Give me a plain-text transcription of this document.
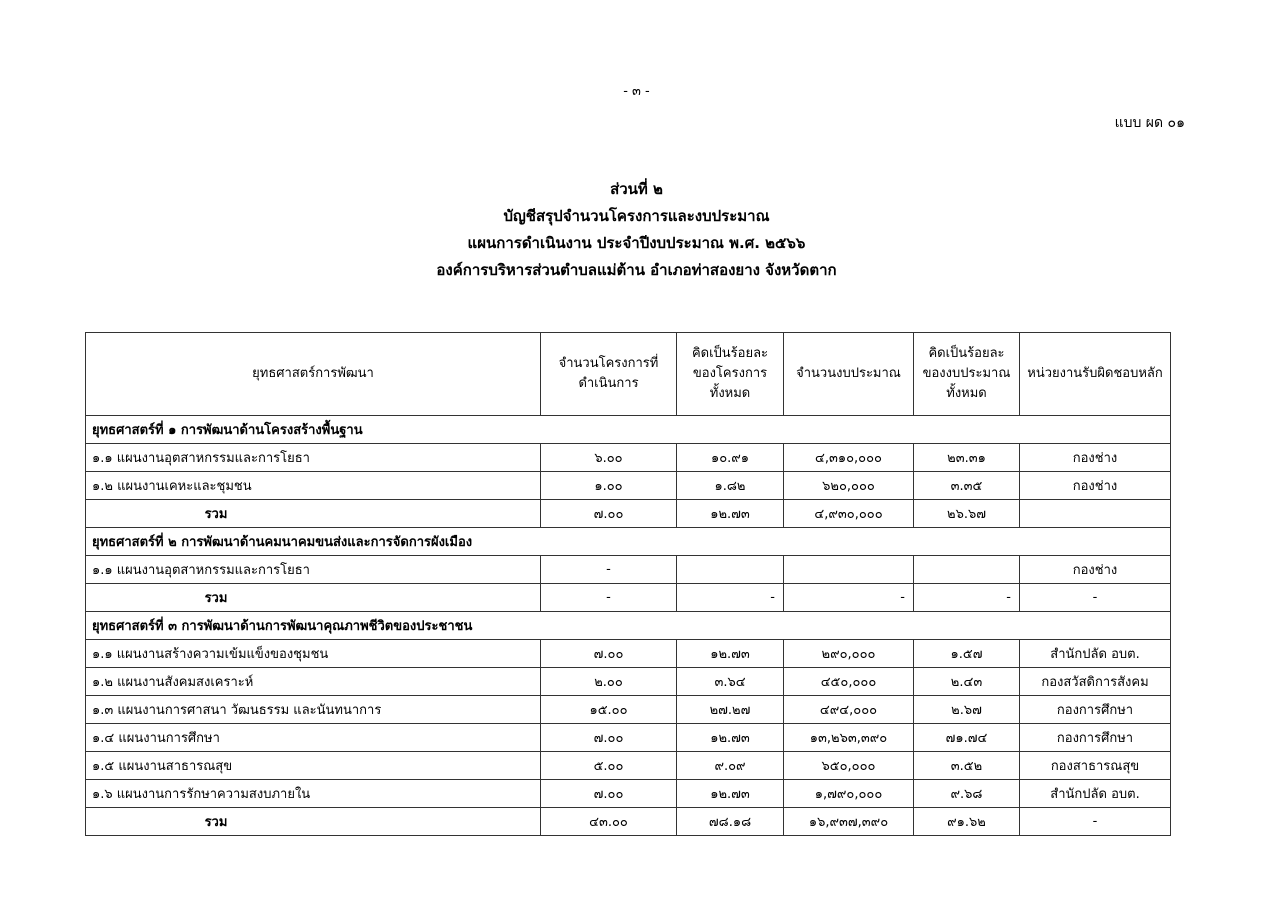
- ๓ -
แบบ ผด ๐๑
ส่วนที่ ๒
บัญชีสรุปจำนวนโครงการและงบประมาณ
แผนการดำเนินงาน ประจำปีงบประมาณ พ.ศ. ๒๕๖๖
องค์การบริหารส่วนตำบลแม่ต้าน อำเภอท่าสองยาง จังหวัดตาก
ยุทธศาสตร์การพัฒนา	จำนวนโครงการที่ดำเนินการ	คิดเป็นร้อยละของโครงการทั้งหมด	จำนวนงบประมาณ	คิดเป็นร้อยละของงบประมาณทั้งหมด	หน่วยงานรับผิดชอบหลัก
ยุทธศาสตร์ที่ ๑ การพัฒนาด้านโครงสร้างพื้นฐาน					
๑.๑ แผนงานอุตสาหกรรมและการโยธา	๖.๐๐	๑๐.๙๑	๔,๓๑๐,๐๐๐	๒๓.๓๑	กองช่าง
๑.๒ แผนงานเคหะและชุมชน	๑.๐๐	๑.๘๒	๖๒๐,๐๐๐	๓.๓๕	กองช่าง
รวม	๗.๐๐	๑๒.๗๓	๔,๙๓๐,๐๐๐	๒๖.๖๗	
ยุทธศาสตร์ที่ ๒ การพัฒนาด้านคมนาคมขนส่งและการจัดการผังเมือง					
๑.๑ แผนงานอุตสาหกรรมและการโยธา	-				กองช่าง
รวม	-	-	-	-	-
ยุทธศาสตร์ที่ ๓ การพัฒนาด้านการพัฒนาคุณภาพชีวิตของประชาชน					
๑.๑ แผนงานสร้างความเข้มแข็งของชุมชน	๗.๐๐	๑๒.๗๓	๒๙๐,๐๐๐	๑.๕๗	สำนักปลัด อบต.
๑.๒ แผนงานสังคมสงเคราะห์	๒.๐๐	๓.๖๔	๔๕๐,๐๐๐	๒.๔๓	กองสวัสดิการสังคม
๑.๓ แผนงานการศาสนา วัฒนธรรม และนันทนาการ	๑๕.๐๐	๒๗.๒๗	๔๙๔,๐๐๐	๒.๖๗	กองการศึกษา
๑.๔ แผนงานการศึกษา	๗.๐๐	๑๒.๗๓	๑๓,๒๖๓,๓๙๐	๗๑.๗๔	กองการศึกษา
๑.๕ แผนงานสาธารณสุข	๕.๐๐	๙.๐๙	๖๕๐,๐๐๐	๓.๕๒	กองสาธารณสุข
๑.๖ แผนงานการรักษาความสงบภายใน	๗.๐๐	๑๒.๗๓	๑,๗๙๐,๐๐๐	๙.๖๘	สำนักปลัด อบต.
รวม	๔๓.๐๐	๗๘.๑๘	๑๖,๙๓๗,๓๙๐	๙๑.๖๒	-
